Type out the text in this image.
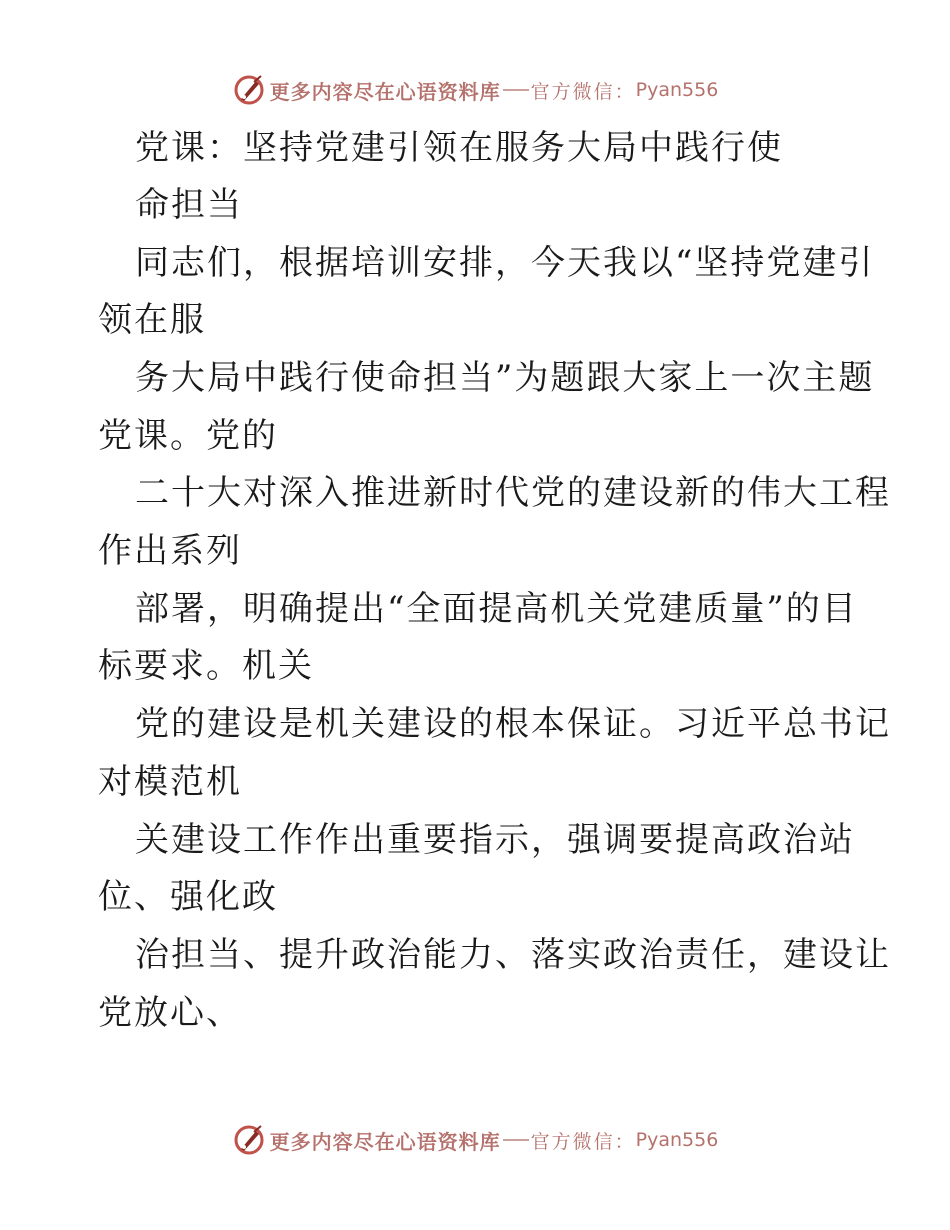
更多内容尽在心语资料库 官方微信： Pyan556
党课：坚持党建引领在服务大局中践行使
命担当
同志们，根据培训安排，今天我以“坚持党建引
领在服
务大局中践行使命担当”为题跟大家上一次主题
党课。党的
二十大对深入推进新时代党的建设新的伟大工程
作出系列
部署，明确提出“全面提高机关党建质量”的目
标要求。机关
党的建设是机关建设的根本保证。习近平总书记
对模范机
关建设工作作出重要指示，强调要提高政治站
位、强化政
治担当、提升政治能力、落实政治责任，建设让
党放心、
更多内容尽在心语资料库 官方微信： Pyan556
